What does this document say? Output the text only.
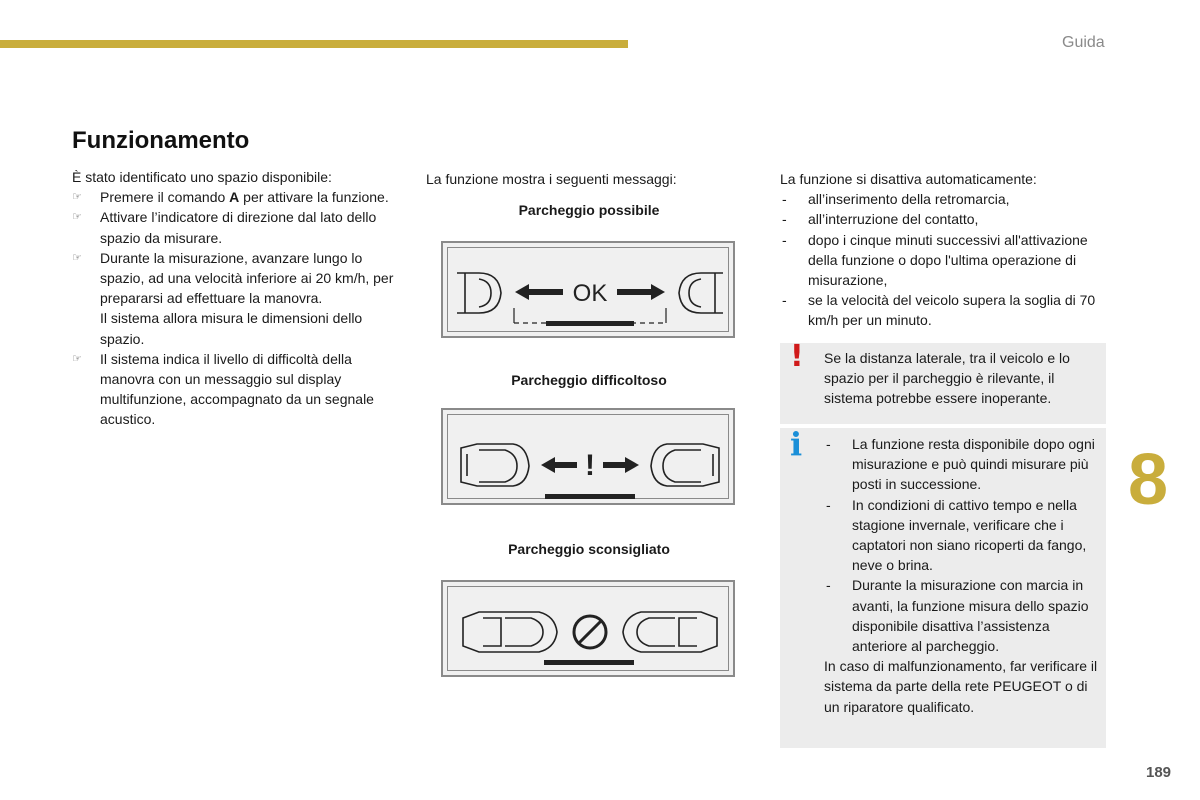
Guida
Funzionamento

È stato identificato uno spazio disponibile:

☞ Premere il comando A per attivare la funzione.
☞ Attivare l’indicatore di direzione dal lato dello spazio da misurare.
☞ Durante la misurazione, avanzare lungo lo spazio, ad una velocità inferiore ai 20 km/h, per prepararsi ad effettuare la manovra.
Il sistema allora misura le dimensioni dello spazio.
☞ Il sistema indica il livello di difficoltà della manovra con un messaggio sul display multifunzione, accompagnato da un segnale acustico.
La funzione mostra i seguenti messaggi:
Parcheggio possibile
OK
Parcheggio difficoltoso
!
Parcheggio sconsigliato

La funzione si disattiva automaticamente:

- all’inserimento della retromarcia,
- all’interruzione del contatto,
- dopo i cinque minuti successivi all'attivazione della funzione o dopo l'ultima operazione di misurazione,
- se la velocità del veicolo supera la soglia di 70 km/h per un minuto.
! Se la distanza laterale, tra il veicolo e lo spazio per il parcheggio è rilevante, il sistema potrebbe essere inoperante.
i - La funzione resta disponibile dopo ogni misurazione e può quindi misurare più posti in successione.
- In condizioni di cattivo tempo e nella stagione invernale, verificare che i captatori non siano ricoperti da fango, neve o brina.
- Durante la misurazione con marcia in avanti, la funzione misura dello spazio disponibile disattiva l’assistenza anteriore al parcheggio.

In caso di malfunzionamento, far verificare il sistema da parte della rete PEUGEOT o di un riparatore qualificato.

8
189
